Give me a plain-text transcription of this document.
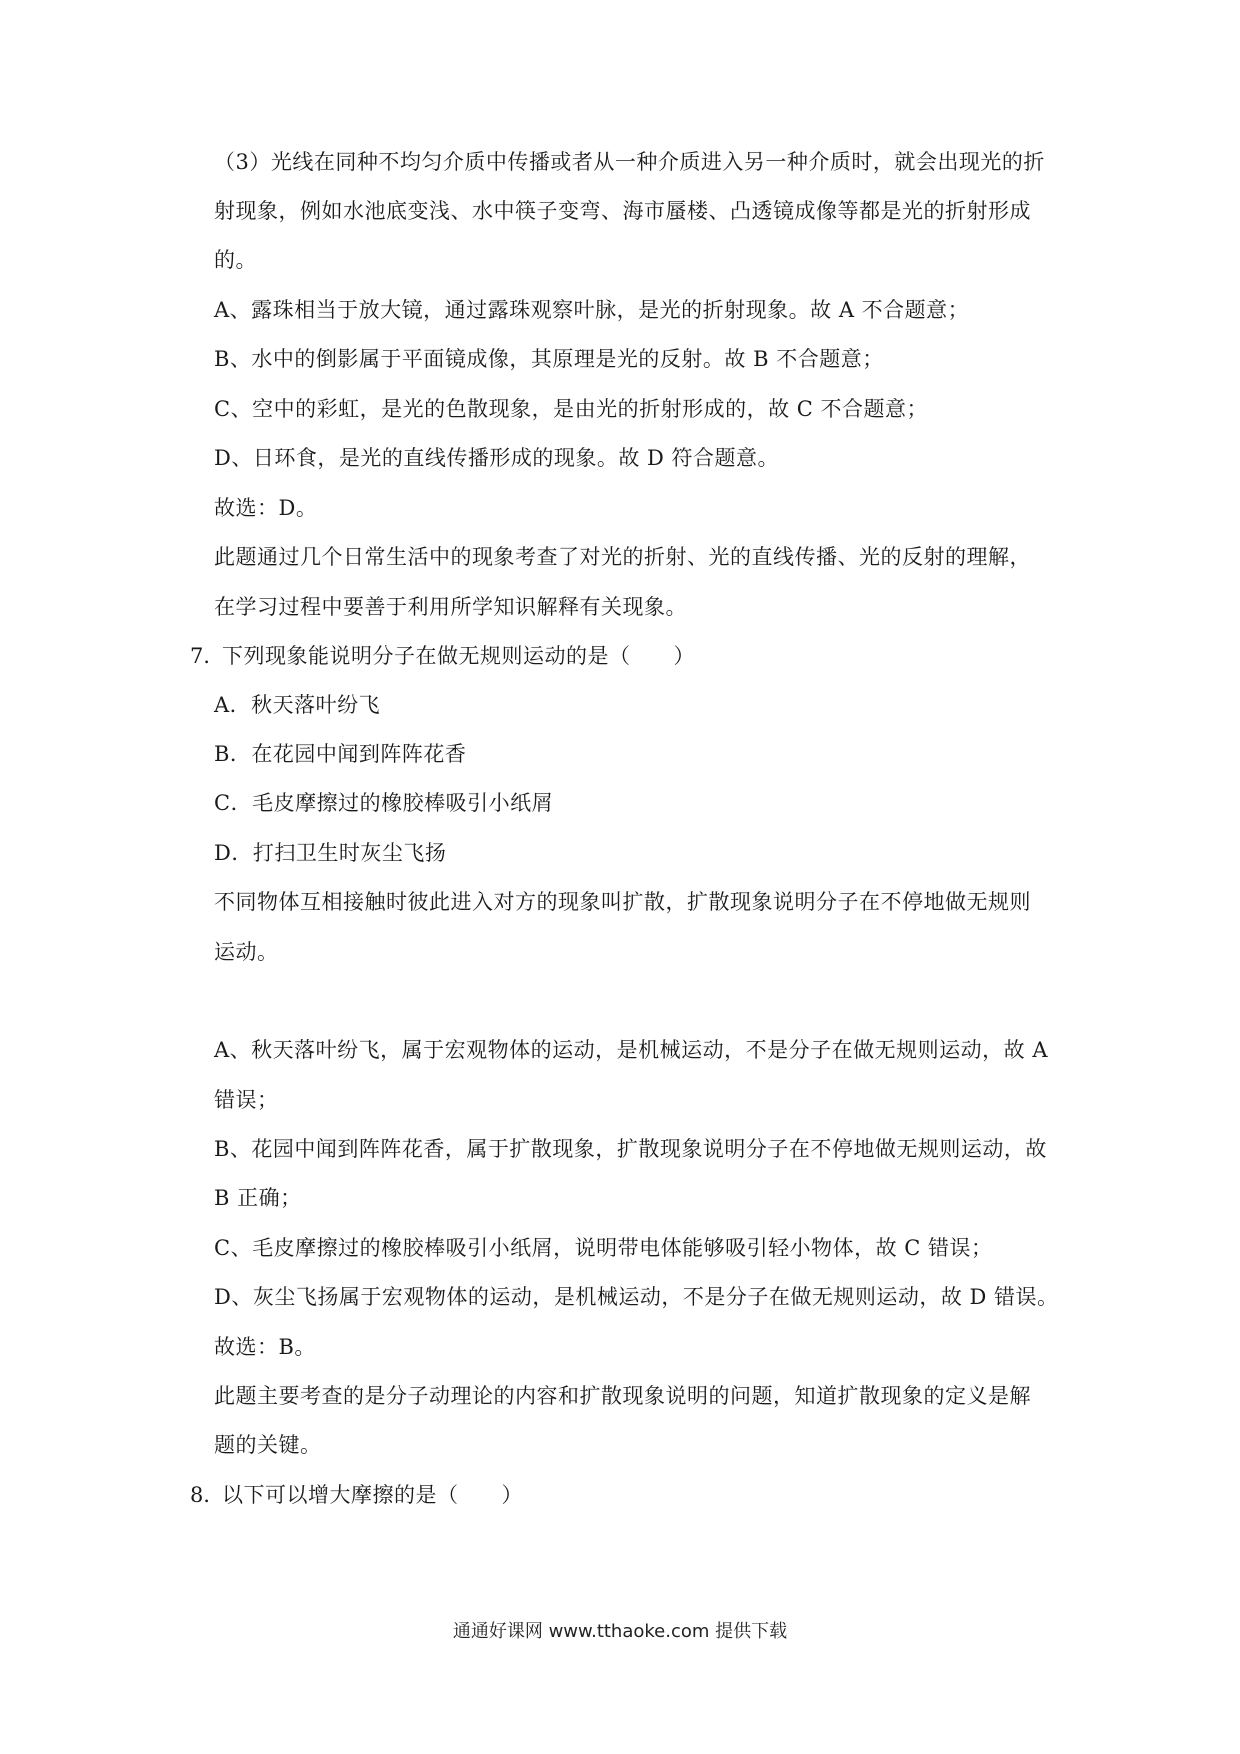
（3）光线在同种不均匀介质中传播或者从一种介质进入另一种介质时，就会出现光的折
射现象，例如水池底变浅、水中筷子变弯、海市蜃楼、凸透镜成像等都是光的折射形成
的。
A、露珠相当于放大镜，通过露珠观察叶脉，是光的折射现象。故 A 不合题意；
B、水中的倒影属于平面镜成像，其原理是光的反射。故 B 不合题意；
C、空中的彩虹，是光的色散现象，是由光的折射形成的，故 C 不合题意；
D、日环食，是光的直线传播形成的现象。故 D 符合题意。
故选：D。
此题通过几个日常生活中的现象考查了对光的折射、光的直线传播、光的反射的理解，
在学习过程中要善于利用所学知识解释有关现象。
7．
下列现象能说明分子在做无规则运动的是（　　）
A．秋天落叶纷飞
B．在花园中闻到阵阵花香
C．毛皮摩擦过的橡胶棒吸引小纸屑
D．打扫卫生时灰尘飞扬
不同物体互相接触时彼此进入对方的现象叫扩散，扩散现象说明分子在不停地做无规则
运动。
A、秋天落叶纷飞，属于宏观物体的运动，是机械运动，不是分子在做无规则运动，故 A
错误；
B、花园中闻到阵阵花香，属于扩散现象，扩散现象说明分子在不停地做无规则运动，故
B 正确；
C、毛皮摩擦过的橡胶棒吸引小纸屑，说明带电体能够吸引轻小物体，故 C 错误；
D、灰尘飞扬属于宏观物体的运动，是机械运动，不是分子在做无规则运动，故 D 错误。
故选：B。
此题主要考查的是分子动理论的内容和扩散现象说明的问题，知道扩散现象的定义是解
题的关键。
8．
以下可以增大摩擦的是（　　）
通通好课网 www.tthaoke.com 提供下载
